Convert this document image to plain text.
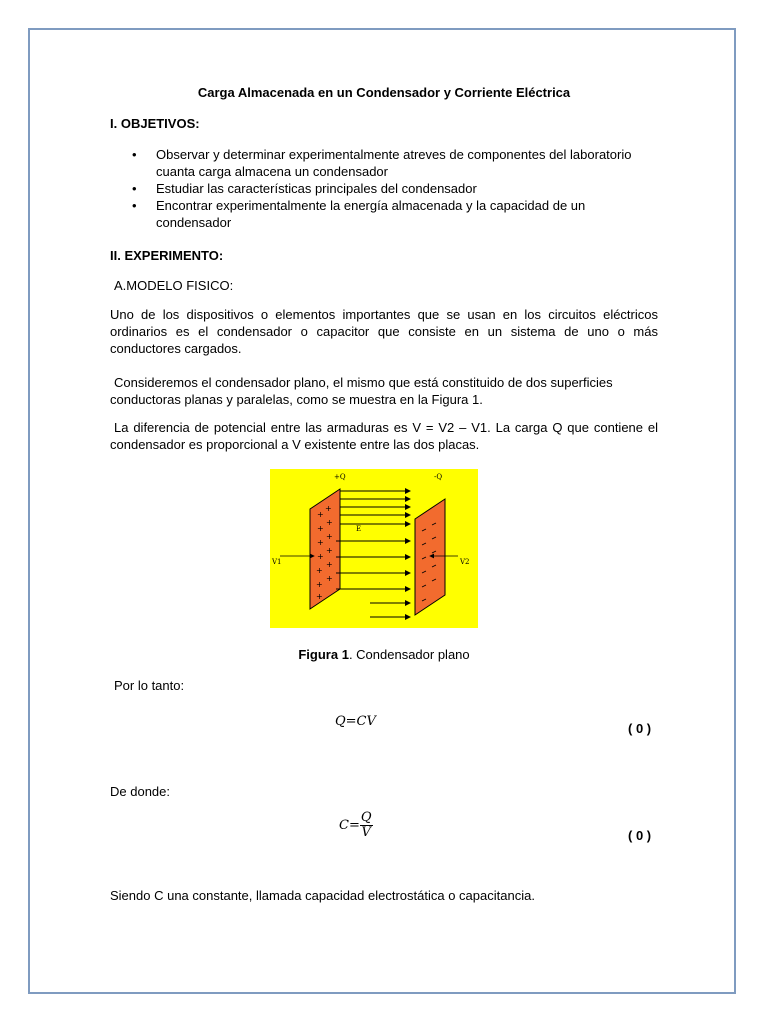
Carga Almacenada en un Condensador y Corriente Eléctrica
I. OBJETIVOS:
• Observar y determinar experimentalmente atreves de componentes del laboratorio cuanta carga almacena un condensador
• Estudiar las características principales del condensador
• Encontrar experimentalmente la energía almacenada y la capacidad de un condensador
II. EXPERIMENTO:
A.MODELO FISICO:
Uno de los dispositivos o elementos importantes que se usan en los circuitos eléctricos ordinarios es el condensador o capacitor que consiste en un sistema de uno o más conductores cargados.
Consideremos el condensador plano, el mismo que está constituido de dos superficies conductoras planas y paralelas, como se muestra en la Figura 1.
La diferencia de potencial entre las armaduras es V = V2 – V1. La carga Q que contiene el condensador es proporcional a V existente entre las dos placas.
+
+
+
+
+
+
+
+
+
+
+
+
+
+Q	-Q
E
V1	V2
Figura 1. Condensador plano
Por lo tanto:
Q=CV	( 0 )
De donde:
$C= \frac{Q}{V}$	( 0 )
Siendo C una constante, llamada capacidad electrostática o capacitancia.
